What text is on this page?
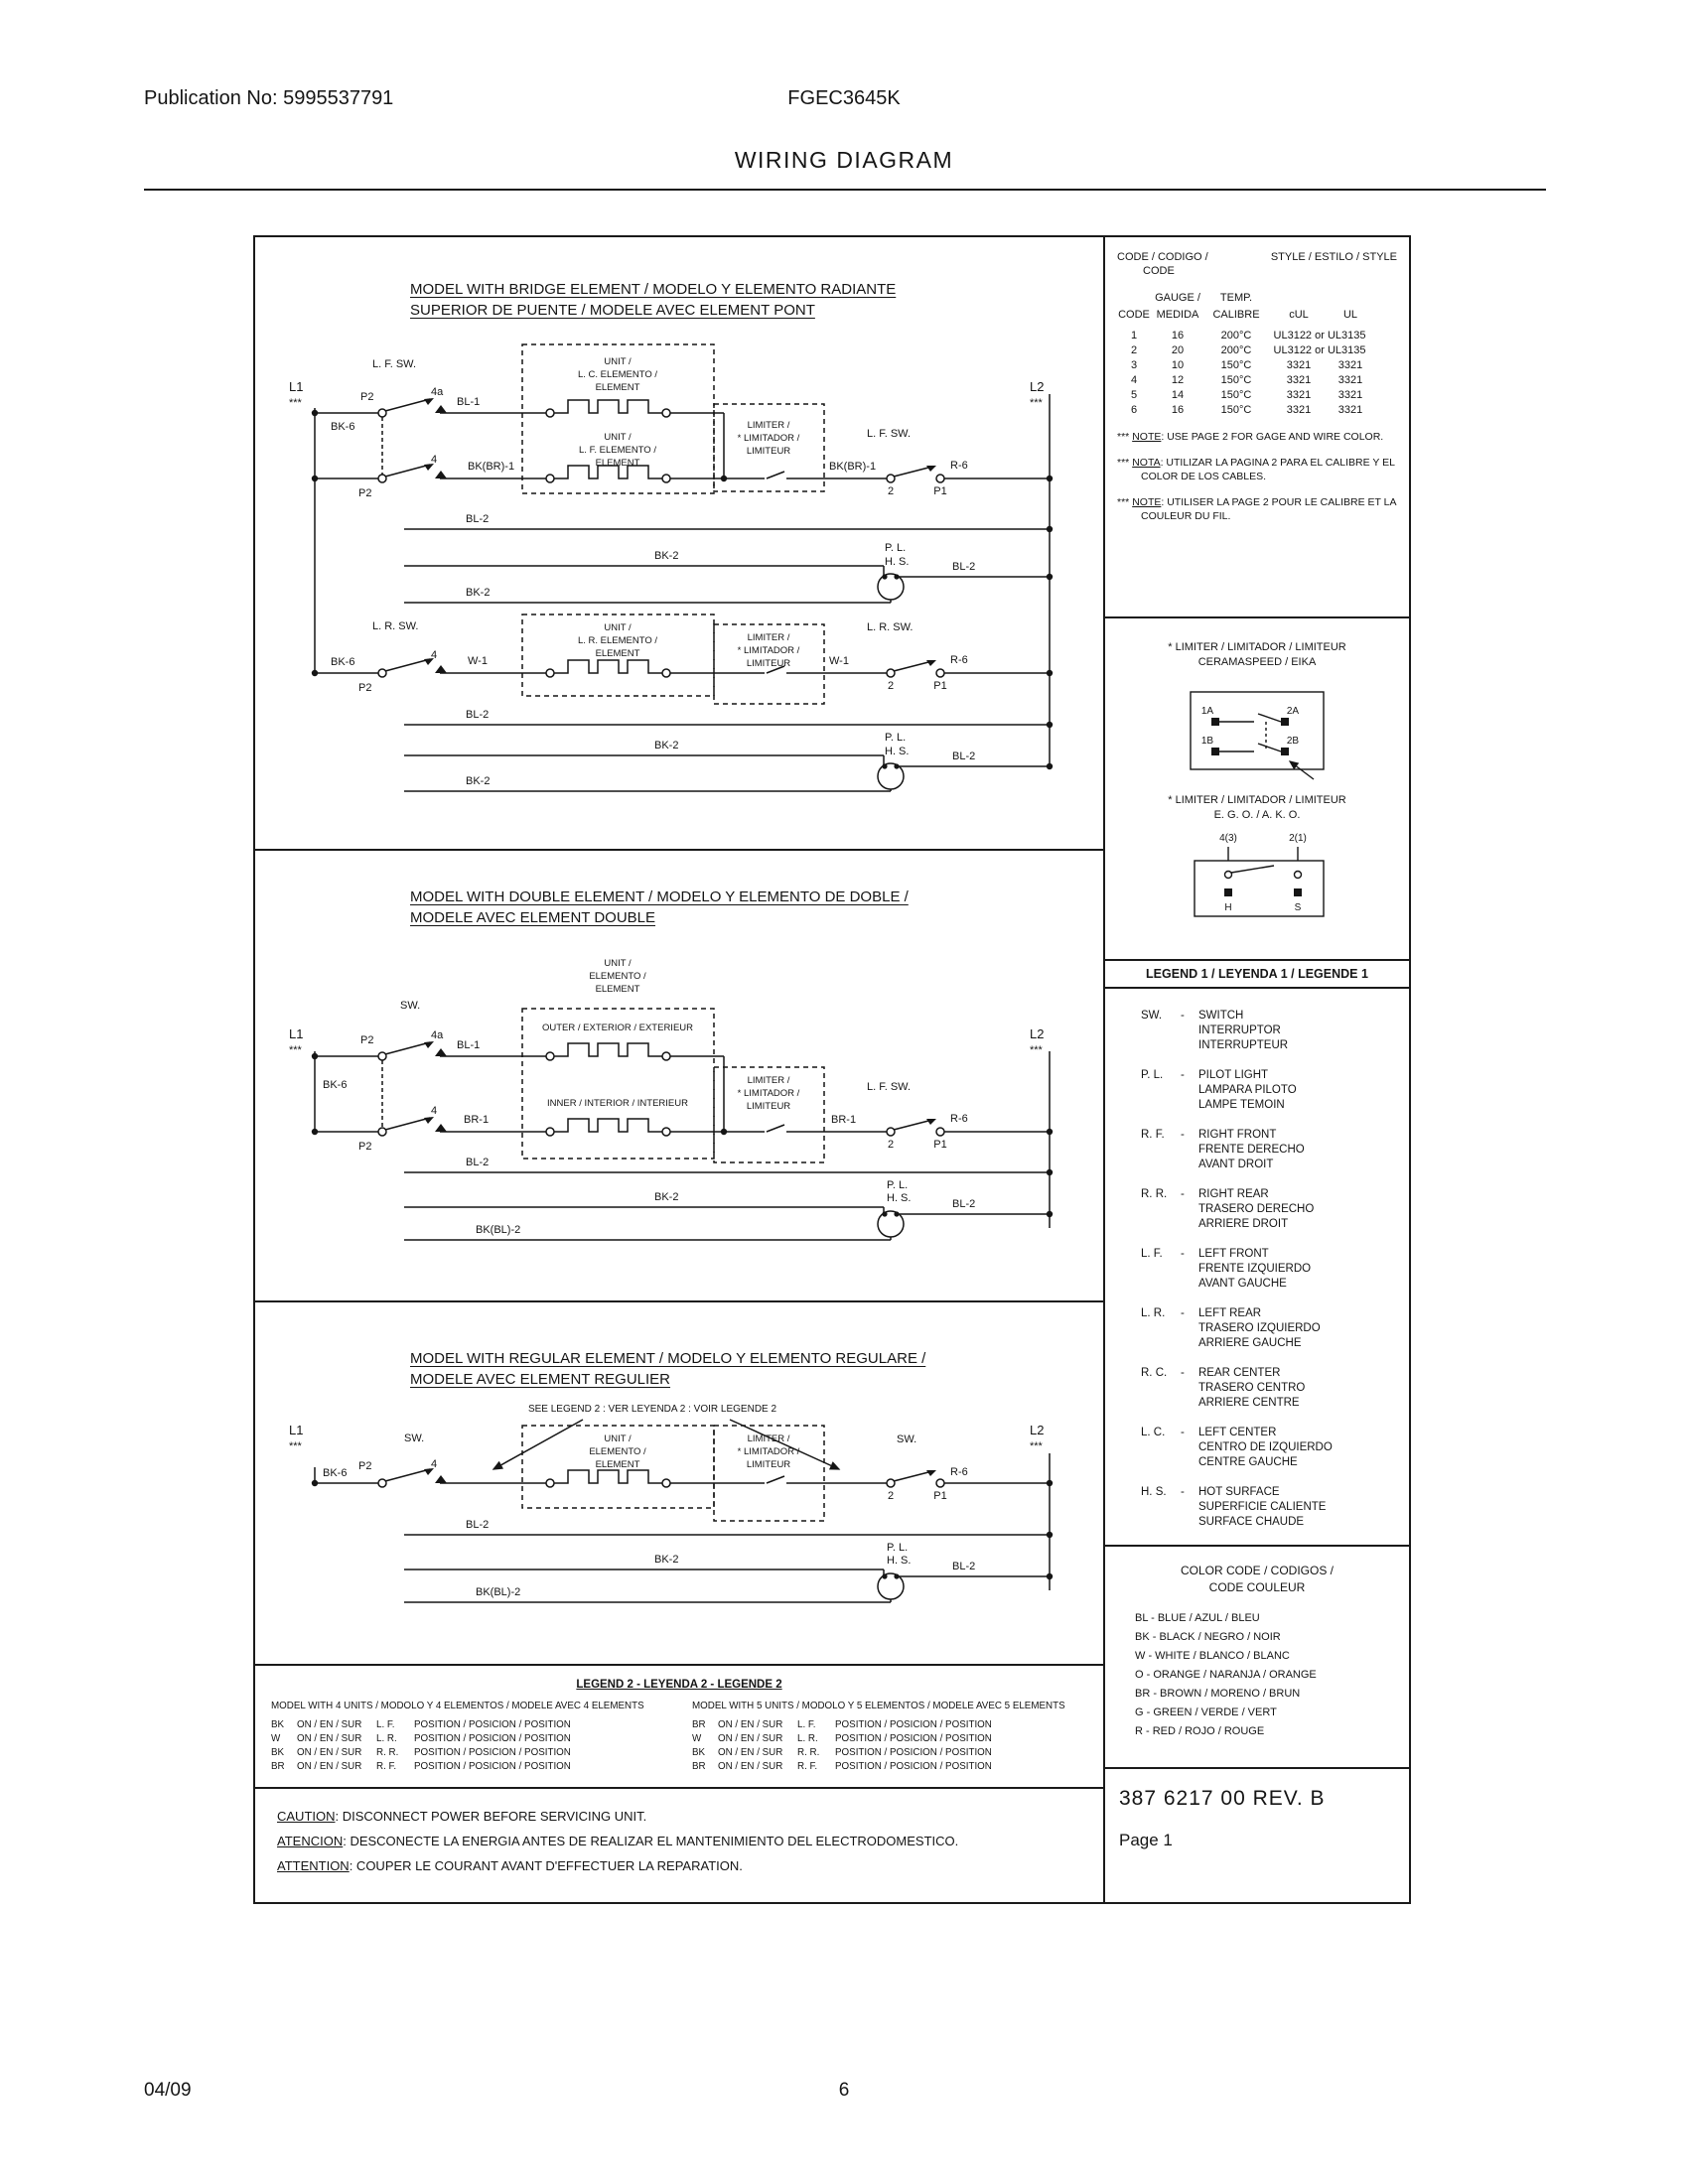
Publication No: 5995537791	FGEC3645K
WIRING DIAGRAM
L. F. SW.
L1
***
BK-6
P2	4a
BL-1
BK(BR)-1
4
P2
L. F. SW.
BK(BR)-1
2	P1
R-6
L2
***
BL-2
BK-2
P. L.
H. S.	BL-2
BK-2
UNIT /
L. C. ELEMENTO /
ELEMENT
UNIT /
L. F. ELEMENTO /
ELEMENT
LIMITER /
* LIMITADOR /
LIMITEUR
L. R. SW.
BK-6
P2
4	W-1
UNIT /
L. R. ELEMENTO /
ELEMENT
LIMITER /
* LIMITADOR /
LIMITEUR	W-1
L. R. SW.
2	P1
R-6
BL-2
BK-2
P. L.
H. S.	BL-2
BK-2
MODEL WITH BRIDGE ELEMENT / MODELO Y ELEMENTO RADIANTE
SUPERIOR DE PUENTE / MODELE AVEC ELEMENT PONT
SW.
L1
***
L2
***
P2	4a
BL-1
BK-6
P2
4
BR-1
L. F. SW.
BR-1
2	P1
R-6
UNIT /
ELEMENTO /
ELEMENT
OUTER / EXTERIOR / EXTERIEUR
INNER / INTERIOR / INTERIEUR
LIMITER /
* LIMITADOR /
LIMITEUR
BL-2
BK-2
P. L.
H. S.	BL-2
BK(BL)-2
MODEL WITH DOUBLE ELEMENT / MODELO Y ELEMENTO DE DOBLE /
MODELE AVEC ELEMENT DOUBLE
SEE LEGEND 2 : VER LEYENDA 2 : VOIR LEGENDE 2
SW.
L1
***
L2
***
BK-6
P2	4
UNIT /
ELEMENTO /
ELEMENT
LIMITER /
* LIMITADOR /
LIMITEUR
SW.
2	P1
R-6
BL-2
BK-2
P. L.
H. S.	BL-2
BK(BL)-2
MODEL WITH REGULAR ELEMENT / MODELO Y ELEMENTO REGULARE /
MODELE AVEC ELEMENT REGULIER
LEGEND 2 - LEYENDA 2 - LEGENDE 2
MODEL WITH 4 UNITS / MODOLO Y 4 ELEMENTOS / MODELE AVEC 4 ELEMENTS
BK	ON / EN / SUR	L. F.	POSITION / POSICION / POSITION
W	ON / EN / SUR	L. R.	POSITION / POSICION / POSITION
BK	ON / EN / SUR	R. R.	POSITION / POSICION / POSITION
BR	ON / EN / SUR	R. F.	POSITION / POSICION / POSITION
MODEL WITH 5 UNITS / MODOLO Y 5 ELEMENTOS / MODELE AVEC 5 ELEMENTS
BR	ON / EN / SUR	L. F.	POSITION / POSICION / POSITION
W	ON / EN / SUR	L. R.	POSITION / POSICION / POSITION
BK	ON / EN / SUR	R. R.	POSITION / POSICION / POSITION
BR	ON / EN / SUR	R. F.	POSITION / POSICION / POSITION
CAUTION: DISCONNECT POWER BEFORE SERVICING UNIT.
ATENCION: DESCONECTE LA ENERGIA ANTES DE REALIZAR EL MANTENIMIENTO DEL ELECTRODOMESTICO.
ATTENTION: COUPER LE COURANT AVANT D'EFFECTUER LA REPARATION.
CODE / CODIGO /	STYLE / ESTILO / STYLE
CODE
GAUGE /	TEMP.
CODE MEDIDA	CALIBRE	cUL	UL
1	16	200°C	UL3122 or UL3135
2	20	200°C	UL3122 or UL3135
3	10	150°C	3321	3321
4	12	150°C	3321	3321
5	14	150°C	3321	3321
6	16	150°C	3321	3321
*** NOTE: USE PAGE 2 FOR GAGE AND WIRE COLOR.
*** NOTA: UTILIZAR LA PAGINA 2 PARA EL CALIBRE Y EL COLOR DE LOS CABLES.
*** NOTE: UTILISER LA PAGE 2 POUR LE CALIBRE ET LA COULEUR DU FIL.
* LIMITER / LIMITADOR / LIMITEUR
CERAMASPEED / EIKA
1A	2A
1B	2B
* LIMITER / LIMITADOR / LIMITEUR
E. G. O. / A. K. O.
4(3)	2(1)
H	S
LEGEND 1 / LEYENDA 1 / LEGENDE 1
SW.	-	SWITCH
INTERRUPTOR
INTERRUPTEUR
P. L.	-	PILOT LIGHT
LAMPARA PILOTO
LAMPE TEMOIN
R. F.	-	RIGHT FRONT
FRENTE DERECHO
AVANT DROIT
R. R.	-	RIGHT REAR
TRASERO DERECHO
ARRIERE DROIT
L. F.	-	LEFT FRONT
FRENTE IZQUIERDO
AVANT GAUCHE
L. R.	-	LEFT REAR
TRASERO IZQUIERDO
ARRIERE GAUCHE
R. C.	-	REAR CENTER
TRASERO CENTRO
ARRIERE CENTRE
L. C.	-	LEFT CENTER
CENTRO DE IZQUIERDO
CENTRE GAUCHE
H. S.	-	HOT SURFACE
SUPERFICIE CALIENTE
SURFACE CHAUDE
COLOR CODE / CODIGOS /
CODE COULEUR
BL - BLUE / AZUL / BLEU
BK - BLACK / NEGRO / NOIR
W - WHITE / BLANCO / BLANC
O - ORANGE / NARANJA / ORANGE
BR - BROWN / MORENO / BRUN
G - GREEN / VERDE / VERT
R - RED / ROJO / ROUGE
387 6217 00 REV. B
Page 1
04/09	6
